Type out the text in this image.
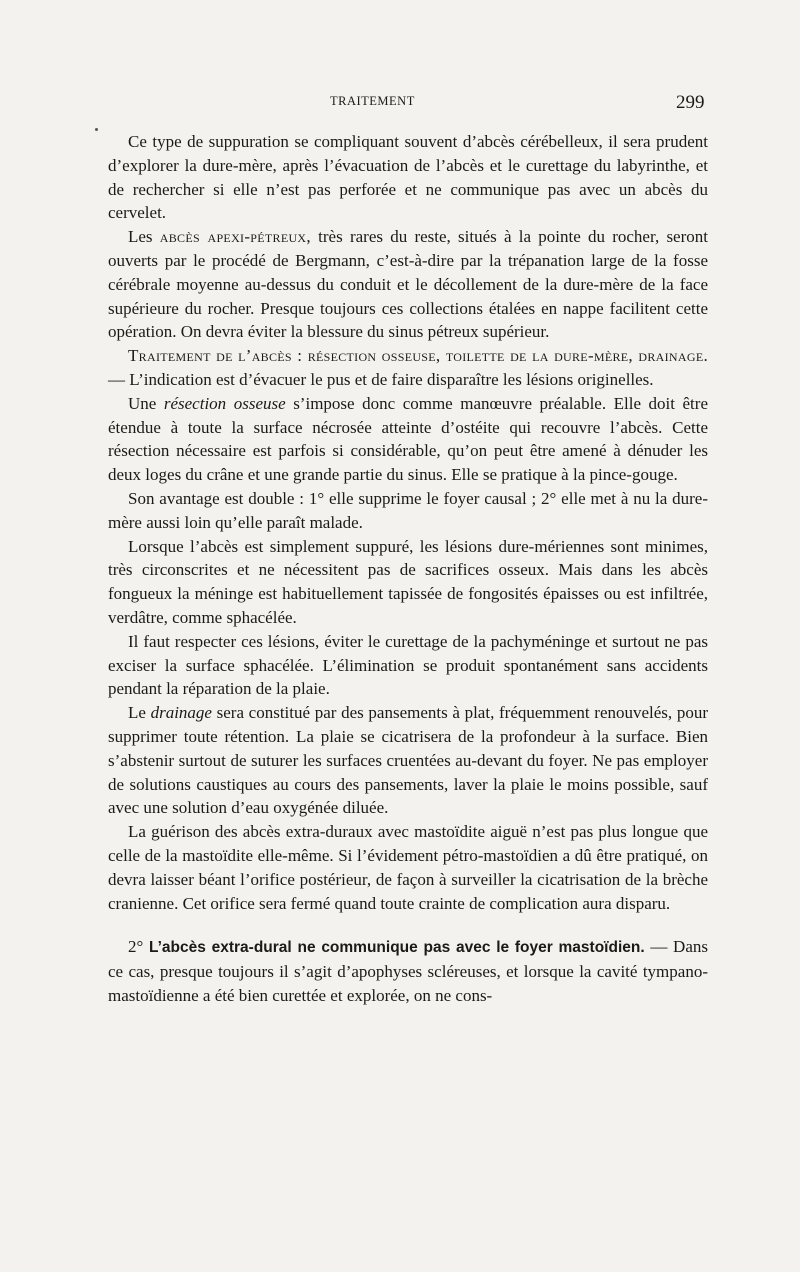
TRAITEMENT	299

Ce type de suppuration se compliquant souvent d’abcès cérébelleux, il sera prudent d’explorer la dure-mère, après l’évacuation de l’abcès et le curettage du labyrinthe, et de rechercher si elle n’est pas perforée et ne communique pas avec un abcès du cervelet.

Les abcès apexi-pétreux, très rares du reste, situés à la pointe du rocher, seront ouverts par le procédé de Bergmann, c’est-à-dire par la trépanation large de la fosse cérébrale moyenne au-dessus du conduit et le décollement de la dure-mère de la face supérieure du rocher. Presque toujours ces collections étalées en nappe facilitent cette opération. On devra éviter la blessure du sinus pétreux supérieur.

Traitement de l’abcès : résection osseuse, toilette de la dure-mère, drainage. — L’indication est d’évacuer le pus et de faire disparaître les lésions originelles.

Une résection osseuse s’impose donc comme manœuvre préalable. Elle doit être étendue à toute la surface nécrosée atteinte d’ostéite qui recouvre l’abcès. Cette résection nécessaire est parfois si considérable, qu’on peut être amené à dénuder les deux loges du crâne et une grande partie du sinus. Elle se pratique à la pince-gouge.

Son avantage est double : 1° elle supprime le foyer causal ; 2° elle met à nu la dure-mère aussi loin qu’elle paraît malade.

Lorsque l’abcès est simplement suppuré, les lésions dure-mériennes sont minimes, très circonscrites et ne nécessitent pas de sacrifices osseux. Mais dans les abcès fongueux la méninge est habituellement tapissée de fongosités épaisses ou est infiltrée, verdâtre, comme sphacélée.

Il faut respecter ces lésions, éviter le curettage de la pachyméninge et surtout ne pas exciser la surface sphacélée. L’élimination se produit spontanément sans accidents pendant la réparation de la plaie.

Le drainage sera constitué par des pansements à plat, fréquemment renouvelés, pour supprimer toute rétention. La plaie se cicatrisera de la profondeur à la surface. Bien s’abstenir surtout de suturer les surfaces cruentées au-devant du foyer. Ne pas employer de solutions caustiques au cours des pansements, laver la plaie le moins possible, sauf avec une solution d’eau oxygénée diluée.

La guérison des abcès extra-duraux avec mastoïdite aiguë n’est pas plus longue que celle de la mastoïdite elle-même. Si l’évidement pétro-mastoïdien a dû être pratiqué, on devra laisser béant l’orifice postérieur, de façon à surveiller la cicatrisation de la brèche cranienne. Cet orifice sera fermé quand toute crainte de complication aura disparu.

2° L’abcès extra-dural ne communique pas avec le foyer mastoïdien. — Dans ce cas, presque toujours il s’agit d’apophyses scléreuses, et lorsque la cavité tympano-mastoïdienne a été bien curettée et explorée, on ne cons-
